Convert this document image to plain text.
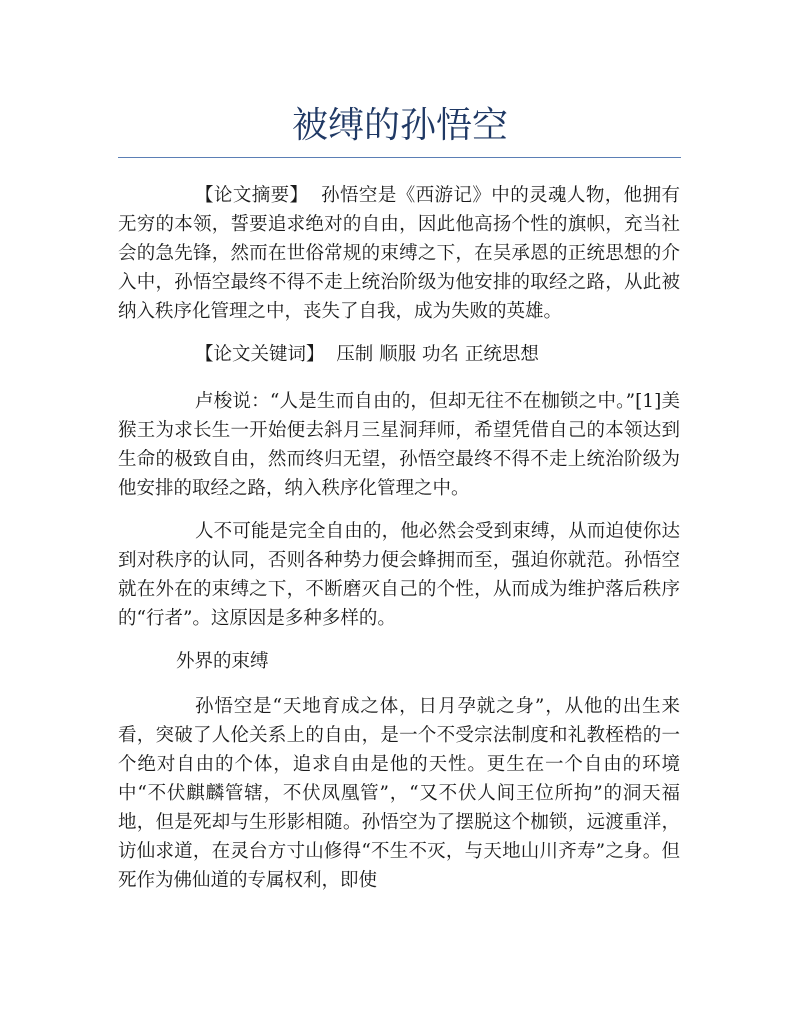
被缚的孙悟空

【论文摘要】 孙悟空是《西游记》中的灵魂人物，他拥有无穷的本领，誓要追求绝对的自由，因此他高扬个性的旗帜，充当社会的急先锋，然而在世俗常规的束缚之下，在吴承恩的正统思想的介入中，孙悟空最终不得不走上统治阶级为他安排的取经之路，从此被纳入秩序化管理之中，丧失了自我，成为失败的英雄。

【论文关键词】 压制 顺服 功名 正统思想

卢梭说：“人是生而自由的，但却无往不在枷锁之中。”[1]美猴王为求长生一开始便去斜月三星洞拜师，希望凭借自己的本领达到生命的极致自由，然而终归无望，孙悟空最终不得不走上统治阶级为他安排的取经之路，纳入秩序化管理之中。

人不可能是完全自由的，他必然会受到束缚，从而迫使你达到对秩序的认同，否则各种势力便会蜂拥而至，强迫你就范。孙悟空就在外在的束缚之下，不断磨灭自己的个性，从而成为维护落后秩序的“行者”。这原因是多种多样的。

外界的束缚

孙悟空是“天地育成之体，日月孕就之身”，从他的出生来看，突破了人伦关系上的自由，是一个不受宗法制度和礼教桎梏的一个绝对自由的个体，追求自由是他的天性。更生在一个自由的环境中“不伏麒麟管辖，不伏凤凰管”，“又不伏人间王位所拘”的洞天福地，但是死却与生形影相随。孙悟空为了摆脱这个枷锁，远渡重洋，访仙求道，在灵台方寸山修得“不生不灭，与天地山川齐寿”之身。但死作为佛仙道的专属权利，即使
